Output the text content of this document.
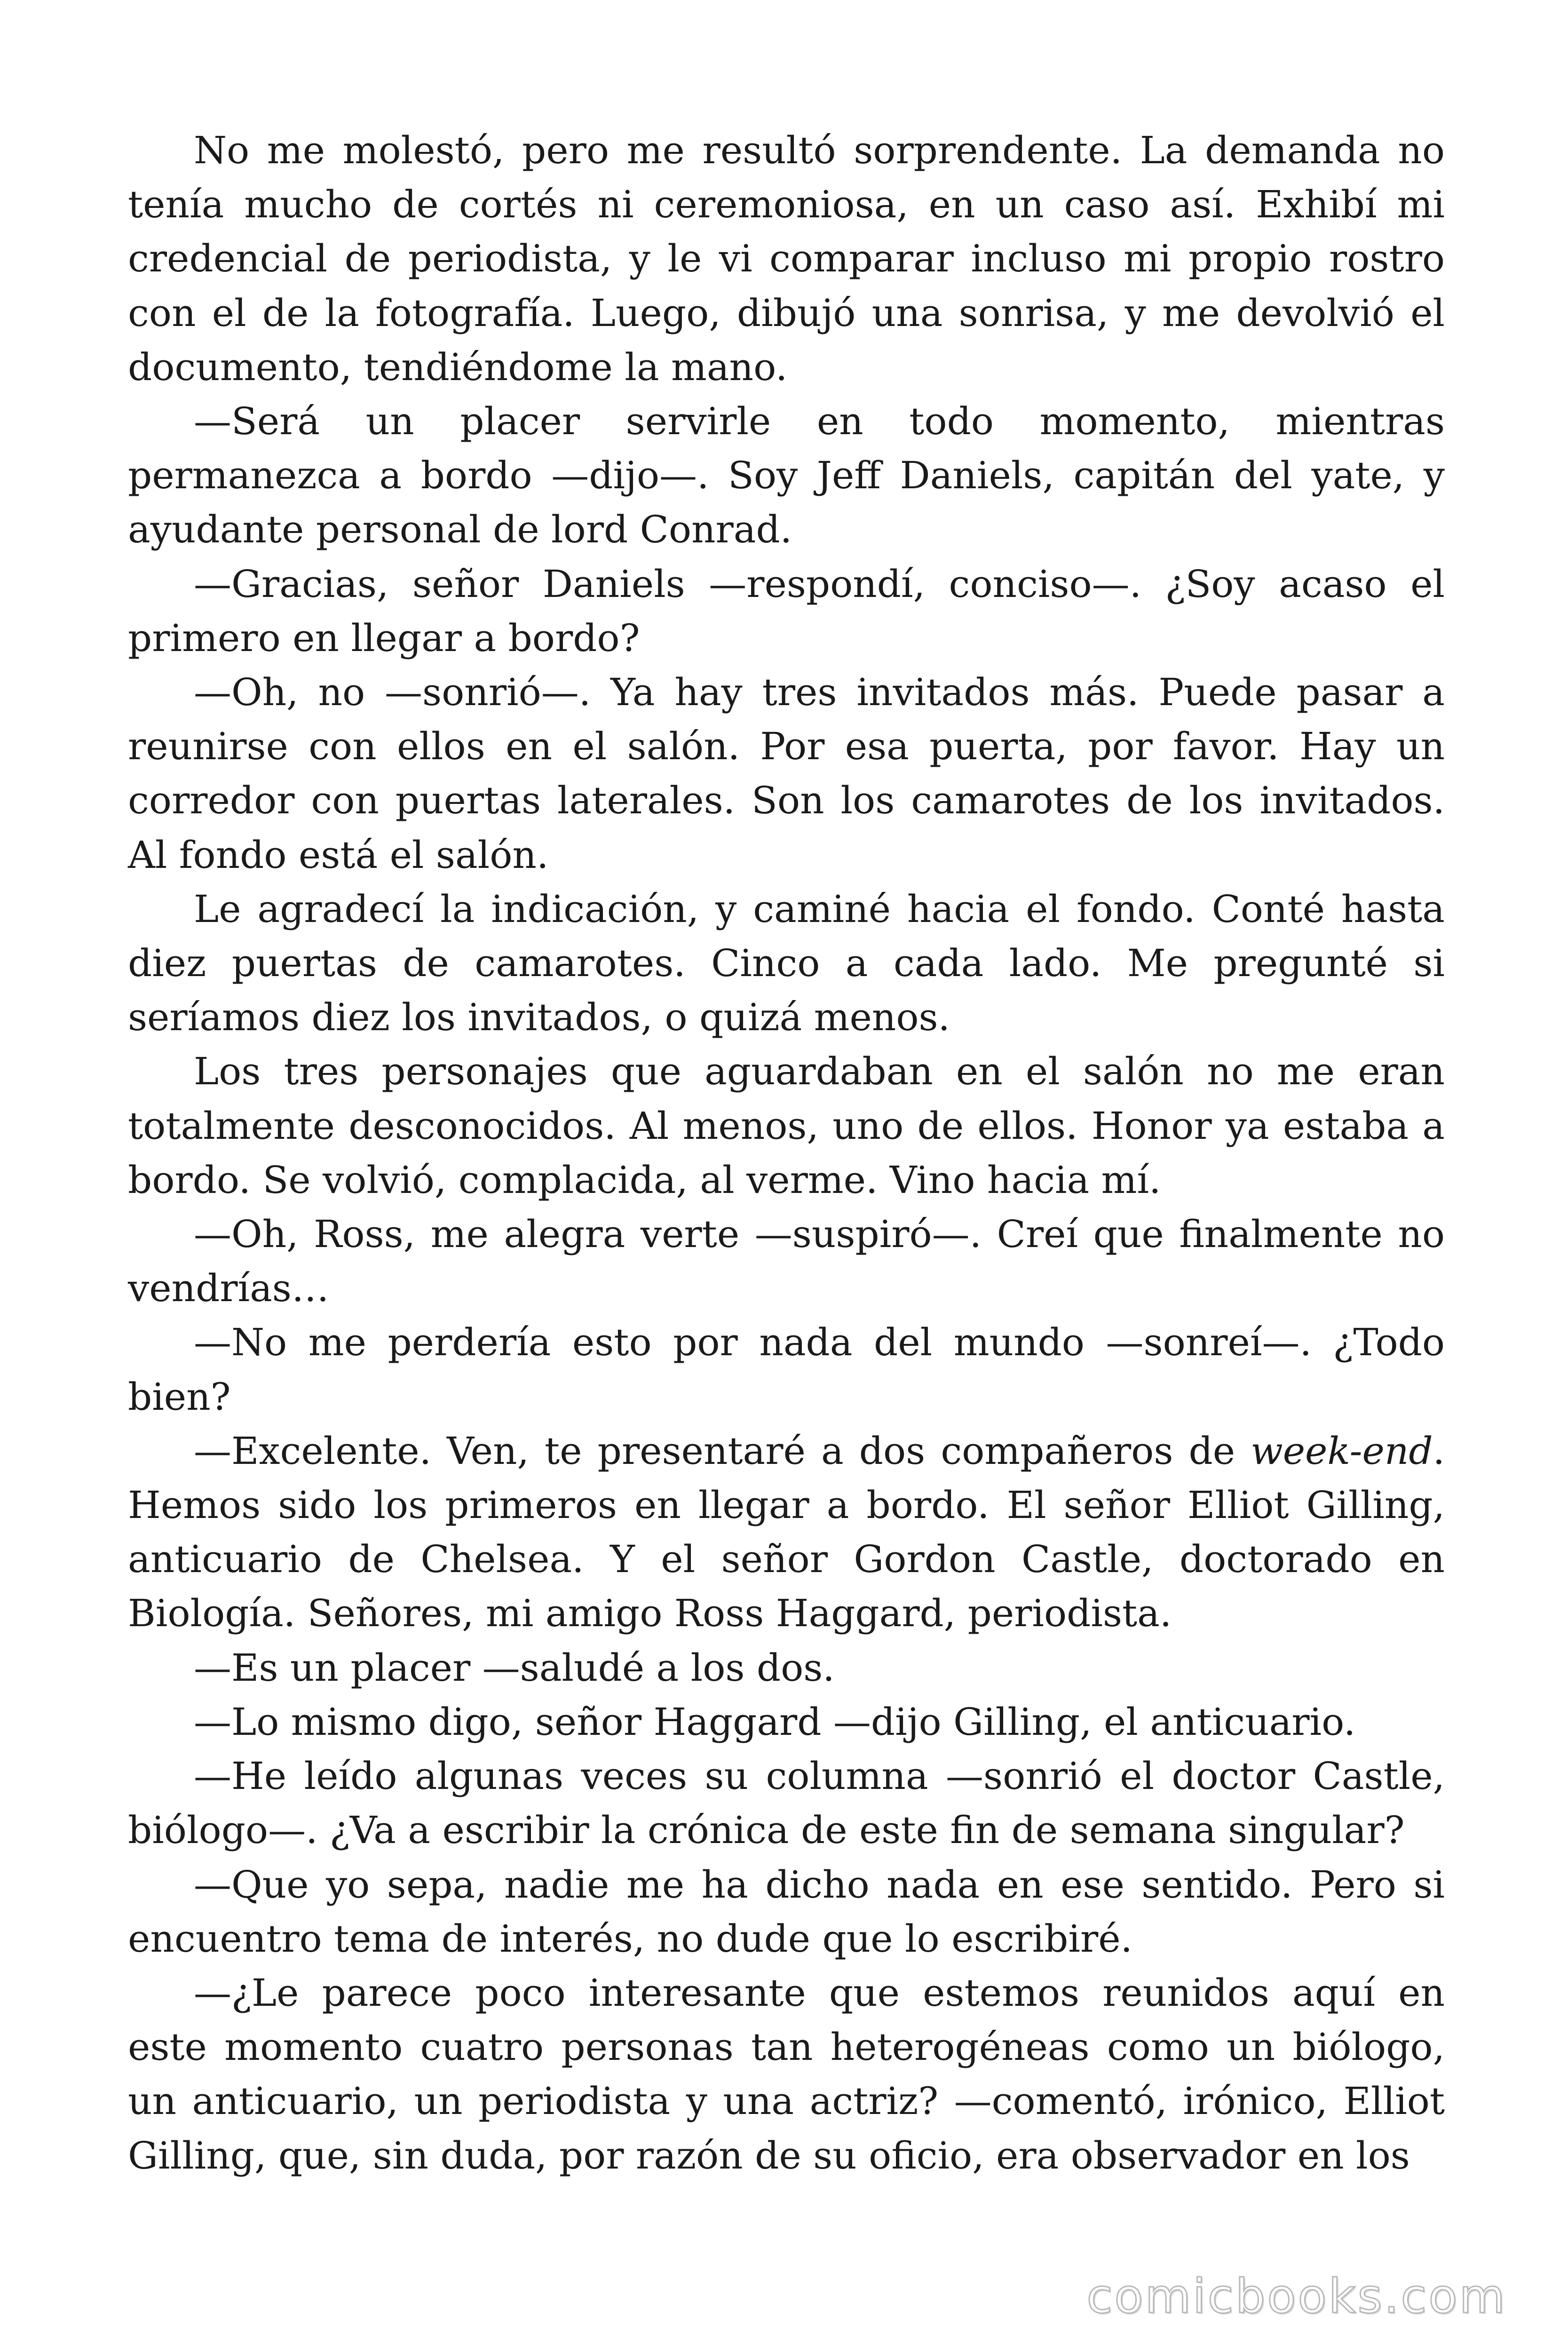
No me molestó, pero me resultó sorprendente. La demanda no tenía mucho de cortés ni ceremoniosa, en un caso así. Exhibí mi credencial de periodista, y le vi comparar incluso mi propio rostro con el de la fotografía. Luego, dibujó una sonrisa, y me devolvió el documento, tendiéndome la mano.

—Será un placer servirle en todo momento, mientras permanezca a bordo —dijo—. Soy Jeff Daniels, capitán del yate, y ayudante personal de lord Conrad.

—Gracias, señor Daniels —respondí, conciso—. ¿Soy acaso el primero en llegar a bordo?

—Oh, no —sonrió—. Ya hay tres invitados más. Puede pasar a reunirse con ellos en el salón. Por esa puerta, por favor. Hay un corredor con puertas laterales. Son los camarotes de los invitados. Al fondo está el salón.

Le agradecí la indicación, y caminé hacia el fondo. Conté hasta diez puertas de camarotes. Cinco a cada lado. Me pregunté si seríamos diez los invitados, o quizá menos.

Los tres personajes que aguardaban en el salón no me eran totalmente desconocidos. Al menos, uno de ellos. Honor ya estaba a bordo. Se volvió, complacida, al verme. Vino hacia mí.

—Oh, Ross, me alegra verte —suspiró—. Creí que finalmente no vendrías…

—No me perdería esto por nada del mundo —sonreí—. ¿Todo bien?

—Excelente. Ven, te presentaré a dos compañeros de week-end. Hemos sido los primeros en llegar a bordo. El señor Elliot Gilling, anticuario de Chelsea. Y el señor Gordon Castle, doctorado en Biología. Señores, mi amigo Ross Haggard, periodista.

—Es un placer —saludé a los dos.

—Lo mismo digo, señor Haggard —dijo Gilling, el anticuario.

—He leído algunas veces su columna —sonrió el doctor Castle, biólogo—. ¿Va a escribir la crónica de este fin de semana singular?

—Que yo sepa, nadie me ha dicho nada en ese sentido. Pero si encuentro tema de interés, no dude que lo escribiré.

—¿Le parece poco interesante que estemos reunidos aquí en este momento cuatro personas tan heterogéneas como un biólogo, un anticuario, un periodista y una actriz? —comentó, irónico, Elliot Gilling, que, sin duda, por razón de su oficio, era observador en los

comicbooks.com
